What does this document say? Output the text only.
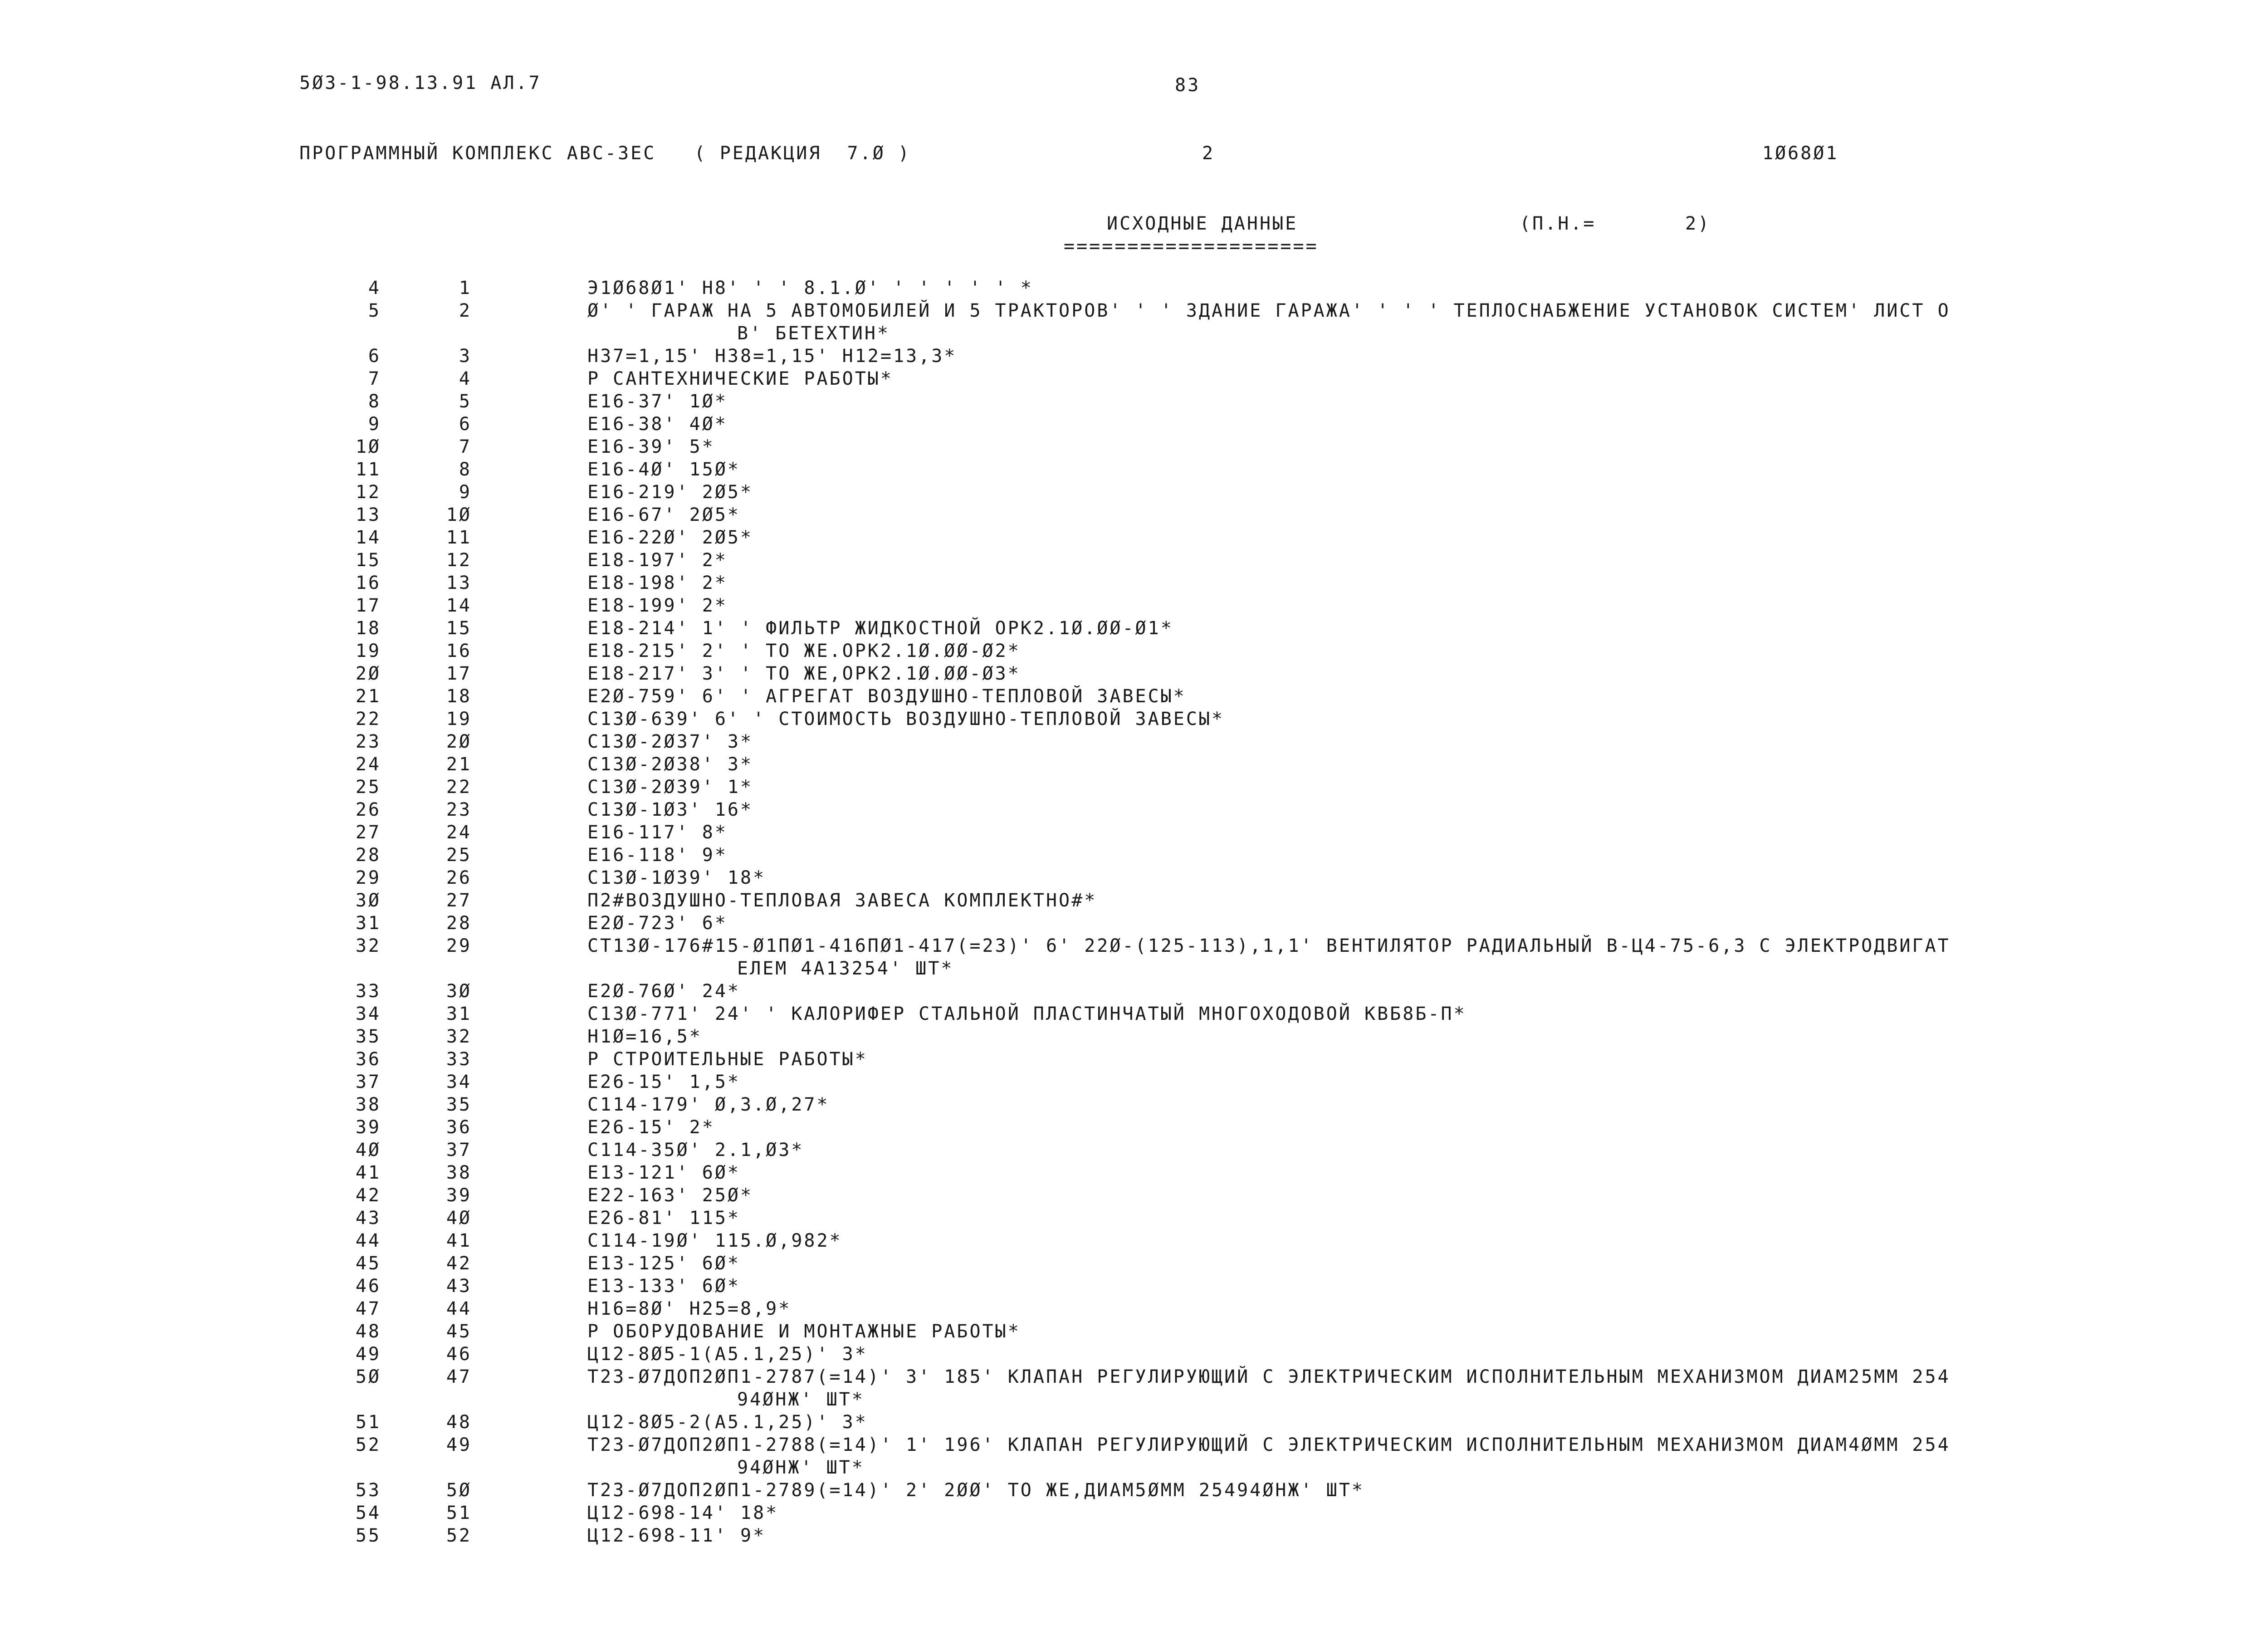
5Ø3-1-98.13.91 АЛ.7	83
ПРОГРАММНЫЙ КОМПЛЕКС АВС-3ЕС   ( РЕДАКЦИЯ  7.Ø )	2	1Ø68Ø1
ИСХОДНЫЕ ДАННЫЕ
====================
(П.Н.=       2)
4	1	Э1Ø68Ø1' Н8' ' ' 8.1.Ø' ' ' ' ' ' *
5	2	Ø' ' ГАРАЖ НА 5 АВТОМОБИЛЕЙ И 5 ТРАКТОРОВ' ' ' ЗДАНИЕ ГАРАЖА' ' ' ' ТЕПЛОСНАБЖЕНИЕ УСТАНОВОК СИСТЕМ' ЛИСТ О
В' БЕТЕХТИН*
6	3	Н37=1,15' Н38=1,15' Н12=13,3*
7	4	Р САНТЕХНИЧЕСКИЕ РАБОТЫ*
8	5	Е16-37' 1Ø*
9	6	Е16-38' 4Ø*
1Ø	7	Е16-39' 5*
11	8	Е16-4Ø' 15Ø*
12	9	Е16-219' 2Ø5*
13	1Ø	Е16-67' 2Ø5*
14	11	Е16-22Ø' 2Ø5*
15	12	Е18-197' 2*
16	13	Е18-198' 2*
17	14	Е18-199' 2*
18	15	Е18-214' 1' ' ФИЛЬТР ЖИДКОСТНОЙ ОРК2.1Ø.ØØ-Ø1*
19	16	Е18-215' 2' ' ТО ЖЕ.ОРК2.1Ø.ØØ-Ø2*
2Ø	17	Е18-217' 3' ' ТО ЖЕ,ОРК2.1Ø.ØØ-Ø3*
21	18	Е2Ø-759' 6' ' АГРЕГАТ ВОЗДУШНО-ТЕПЛОВОЙ ЗАВЕСЫ*
22	19	С13Ø-639' 6' ' СТОИМОСТЬ ВОЗДУШНО-ТЕПЛОВОЙ ЗАВЕСЫ*
23	2Ø	С13Ø-2Ø37' 3*
24	21	С13Ø-2Ø38' 3*
25	22	С13Ø-2Ø39' 1*
26	23	С13Ø-1Ø3' 16*
27	24	Е16-117' 8*
28	25	Е16-118' 9*
29	26	С13Ø-1Ø39' 18*
3Ø	27	П2#ВОЗДУШНО-ТЕПЛОВАЯ ЗАВЕСА КОМПЛЕКТНО#*
31	28	Е2Ø-723' 6*
32	29	СТ13Ø-176#15-Ø1ПØ1-416ПØ1-417(=23)' 6' 22Ø-(125-113),1,1' ВЕНТИЛЯТОР РАДИАЛЬНЫЙ В-Ц4-75-6,3 С ЭЛЕКТРОДВИГАТ
ЕЛЕМ 4А13254' ШТ*
33	3Ø	Е2Ø-76Ø' 24*
34	31	С13Ø-771' 24' ' КАЛОРИФЕР СТАЛЬНОЙ ПЛАСТИНЧАТЫЙ МНОГОХОДОВОЙ КВБ8Б-П*
35	32	Н1Ø=16,5*
36	33	Р СТРОИТЕЛЬНЫЕ РАБОТЫ*
37	34	Е26-15' 1,5*
38	35	С114-179' Ø,3.Ø,27*
39	36	Е26-15' 2*
4Ø	37	С114-35Ø' 2.1,Ø3*
41	38	Е13-121' 6Ø*
42	39	Е22-163' 25Ø*
43	4Ø	Е26-81' 115*
44	41	С114-19Ø' 115.Ø,982*
45	42	Е13-125' 6Ø*
46	43	Е13-133' 6Ø*
47	44	Н16=8Ø' Н25=8,9*
48	45	Р ОБОРУДОВАНИЕ И МОНТАЖНЫЕ РАБОТЫ*
49	46	Ц12-8Ø5-1(А5.1,25)' 3*
5Ø	47	Т23-Ø7ДОП2ØП1-2787(=14)' 3' 185' КЛАПАН РЕГУЛИРУЮЩИЙ С ЭЛЕКТРИЧЕСКИМ ИСПОЛНИТЕЛЬНЫМ МЕХАНИЗМОМ ДИАМ25ММ 254
94ØНЖ' ШТ*
51	48	Ц12-8Ø5-2(А5.1,25)' 3*
52	49	Т23-Ø7ДОП2ØП1-2788(=14)' 1' 196' КЛАПАН РЕГУЛИРУЮЩИЙ С ЭЛЕКТРИЧЕСКИМ ИСПОЛНИТЕЛЬНЫМ МЕХАНИЗМОМ ДИАМ4ØММ 254
94ØНЖ' ШТ*
53	5Ø	Т23-Ø7ДОП2ØП1-2789(=14)' 2' 2ØØ' ТО ЖЕ,ДИАМ5ØММ 25494ØНЖ' ШТ*
54	51	Ц12-698-14' 18*
55	52	Ц12-698-11' 9*
